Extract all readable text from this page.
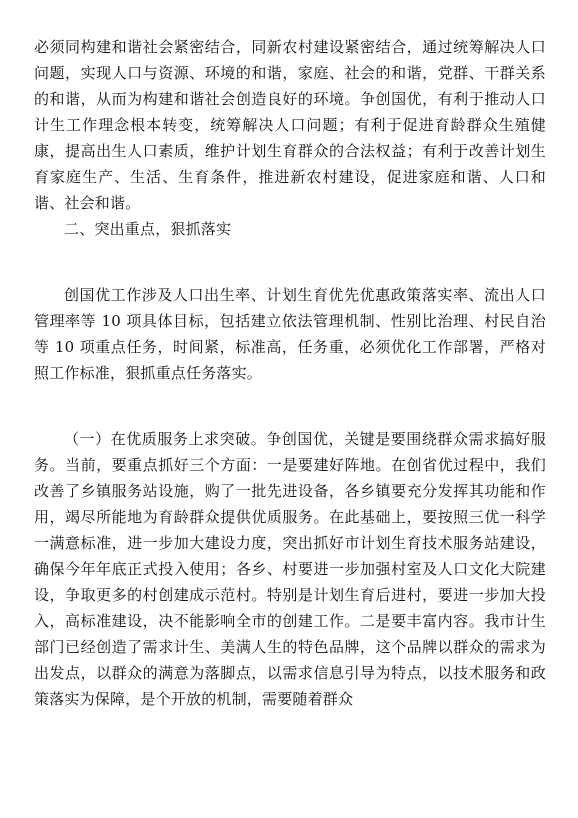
必须同构建和谐社会紧密结合，同新农村建设紧密结合，通过统筹解决人口问题，实现人口与资源、环境的和谐，家庭、社会的和谐，党群、干群关系的和谐，从而为构建和谐社会创造良好的环境。争创国优，有利于推动人口计生工作理念根本转变，统筹解决人口问题；有利于促进育龄群众生殖健康，提高出生人口素质，维护计划生育群众的合法权益；有利于改善计划生育家庭生产、生活、生育条件，推进新农村建设，促进家庭和谐、人口和谐、社会和谐。

二、突出重点，狠抓落实

创国优工作涉及人口出生率、计划生育优先优惠政策落实率、流出人口管理率等 10 项具体目标，包括建立依法管理机制、性别比治理、村民自治等 10 项重点任务，时间紧，标准高，任务重，必须优化工作部署，严格对照工作标准，狠抓重点任务落实。

（一）在优质服务上求突破。争创国优，关键是要围绕群众需求搞好服务。当前，要重点抓好三个方面：一是要建好阵地。在创省优过程中，我们改善了乡镇服务站设施，购了一批先进设备，各乡镇要充分发挥其功能和作用，竭尽所能地为育龄群众提供优质服务。在此基础上，要按照三优一科学一满意标准，进一步加大建设力度，突出抓好市计划生育技术服务站建设，确保今年年底正式投入使用；各乡、村要进一步加强村室及人口文化大院建设，争取更多的村创建成示范村。特别是计划生育后进村，要进一步加大投入，高标准建设，决不能影响全市的创建工作。二是要丰富内容。我市计生部门已经创造了需求计生、美满人生的特色品牌，这个品牌以群众的需求为出发点，以群众的满意为落脚点，以需求信息引导为特点，以技术服务和政策落实为保障，是个开放的机制，需要随着群众
